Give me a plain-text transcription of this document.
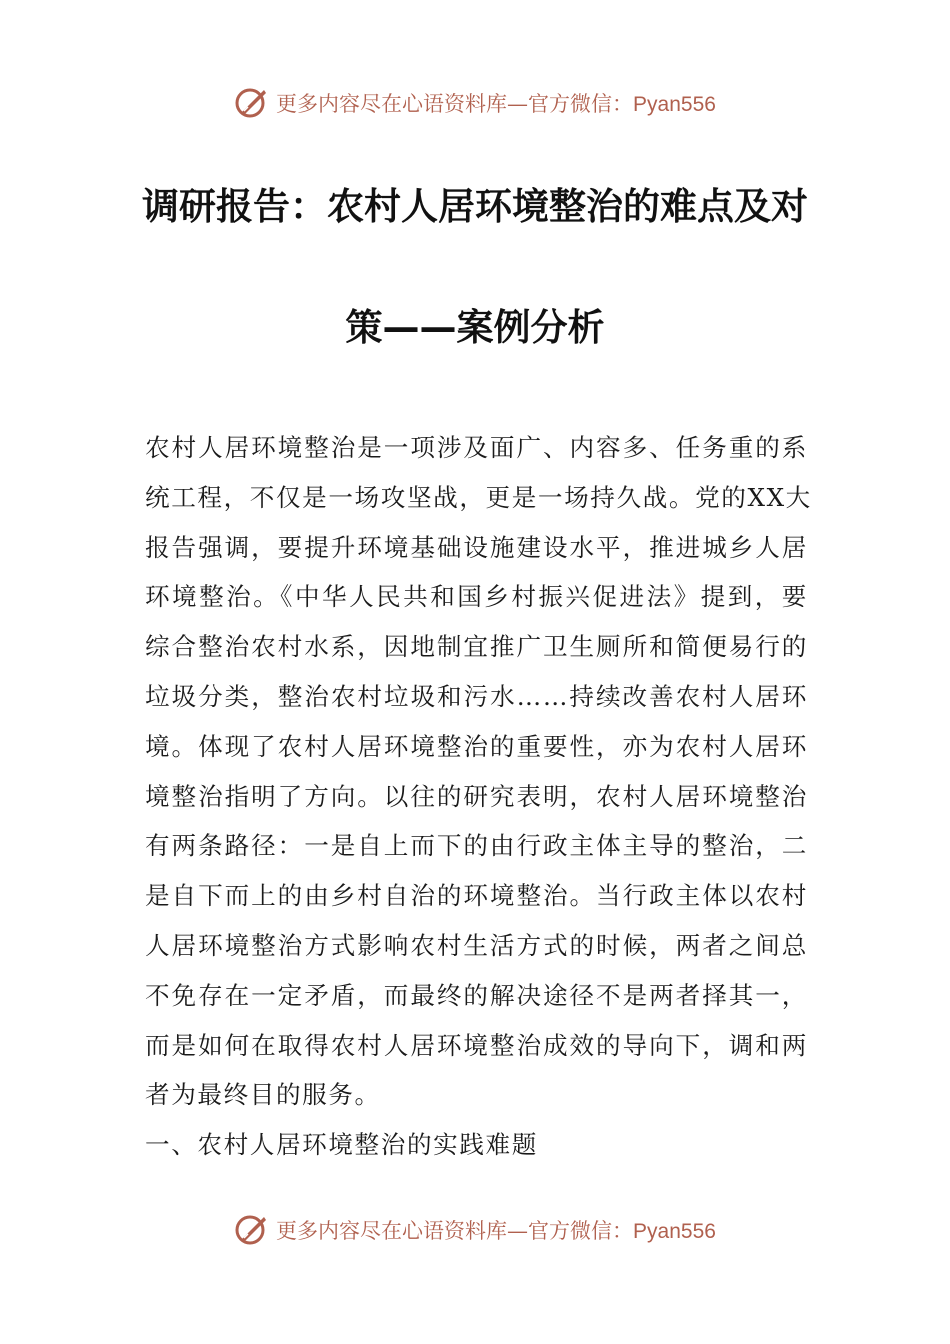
更多内容尽在心语资料库—官方微信：Pyan556
调研报告：农村人居环境整治的难点及对
策——案例分析
农村人居环境整治是一项涉及面广、内容多、任务重的系
统工程，不仅是一场攻坚战，更是一场持久战。党的XX大
报告强调，要提升环境基础设施建设水平，推进城乡人居
环境整治。《中华人民共和国乡村振兴促进法》提到，要
综合整治农村水系，因地制宜推广卫生厕所和简便易行的
垃圾分类，整治农村垃圾和污水……持续改善农村人居环
境。体现了农村人居环境整治的重要性，亦为农村人居环
境整治指明了方向。以往的研究表明，农村人居环境整治
有两条路径：一是自上而下的由行政主体主导的整治，二
是自下而上的由乡村自治的环境整治。当行政主体以农村
人居环境整治方式影响农村生活方式的时候，两者之间总
不免存在一定矛盾，而最终的解决途径不是两者择其一，
而是如何在取得农村人居环境整治成效的导向下，调和两
者为最终目的服务。
一、农村人居环境整治的实践难题
更多内容尽在心语资料库—官方微信：Pyan556
